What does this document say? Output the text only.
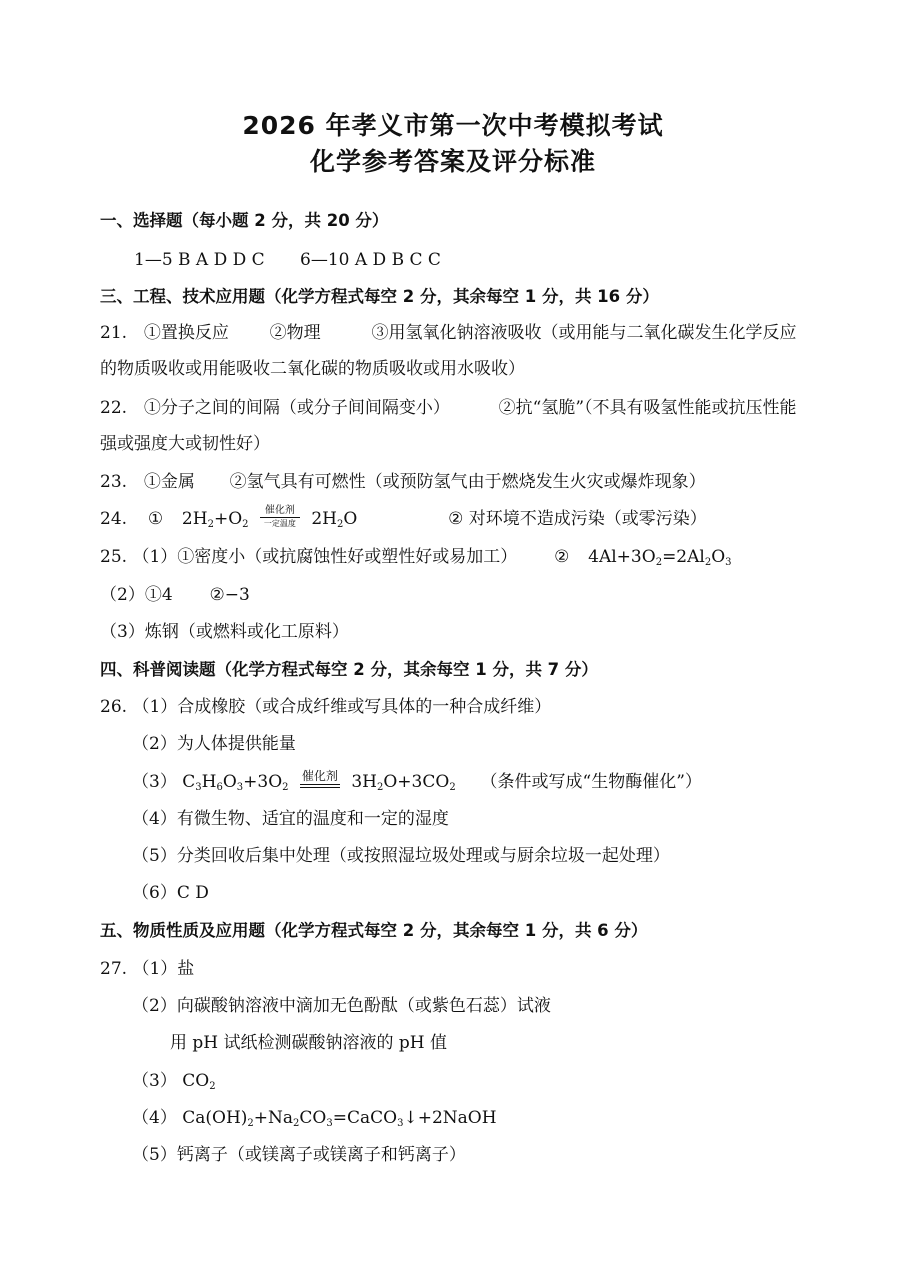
2026 年孝义市第一次中考模拟考试
化学参考答案及评分标准
一、选择题（每小题 2 分，共 20 分）
1—5 B A D D C 6—10 A D B C C
三、工程、技术应用题（化学方程式每空 2 分，其余每空 1 分，共 16 分）
21. ①置换反应 ②物理	③用氢氧化钠溶液吸收（或用能与二氧化碳发生化学反应
的物质吸收或用能吸收二氧化碳的物质吸收或用水吸收）
22. ①分子之间的间隔（或分子间间隔变小）	②抗“氢脆”（不具有吸氢性能或抗压性能
强或强度大或韧性好）
23. ①金属 ②氢气具有可燃性（或预防氢气由于燃烧发生火灾或爆炸现象）
24. ① $2H_2+O_2$
催化剂
一定温度 $2H_2O$	② 对环境不造成污染（或零污染）
25. （1）①密度小（或抗腐蚀性好或塑性好或易加工） ② $4Al+3O_2=2Al_2O_3$
（2）①4 ②−3
（3）炼钢（或燃料或化工原料）
四、科普阅读题（化学方程式每空 2 分，其余每空 1 分，共 7 分）
26. （1）合成橡胶（或合成纤维或写具体的一种合成纤维）
（2）为人体提供能量
（3） $C_3H_6O_3+3O_2$
催化剂 $3H_2O+3CO_2$ （条件或写成“生物酶催化”）
（4）有微生物、适宜的温度和一定的湿度
（5）分类回收后集中处理（或按照湿垃圾处理或与厨余垃圾一起处理）
（6）C D
五、物质性质及应用题（化学方程式每空 2 分，其余每空 1 分，共 6 分）
27. （1）盐
（2）向碳酸钠溶液中滴加无色酚酞（或紫色石蕊）试液
用 pH 试纸检测碳酸钠溶液的 pH 值
（3） $CO_2$
（4） $Ca(OH)_2+Na_2CO_3=CaCO_3↓+2NaOH$
（5）钙离子（或镁离子或镁离子和钙离子）
